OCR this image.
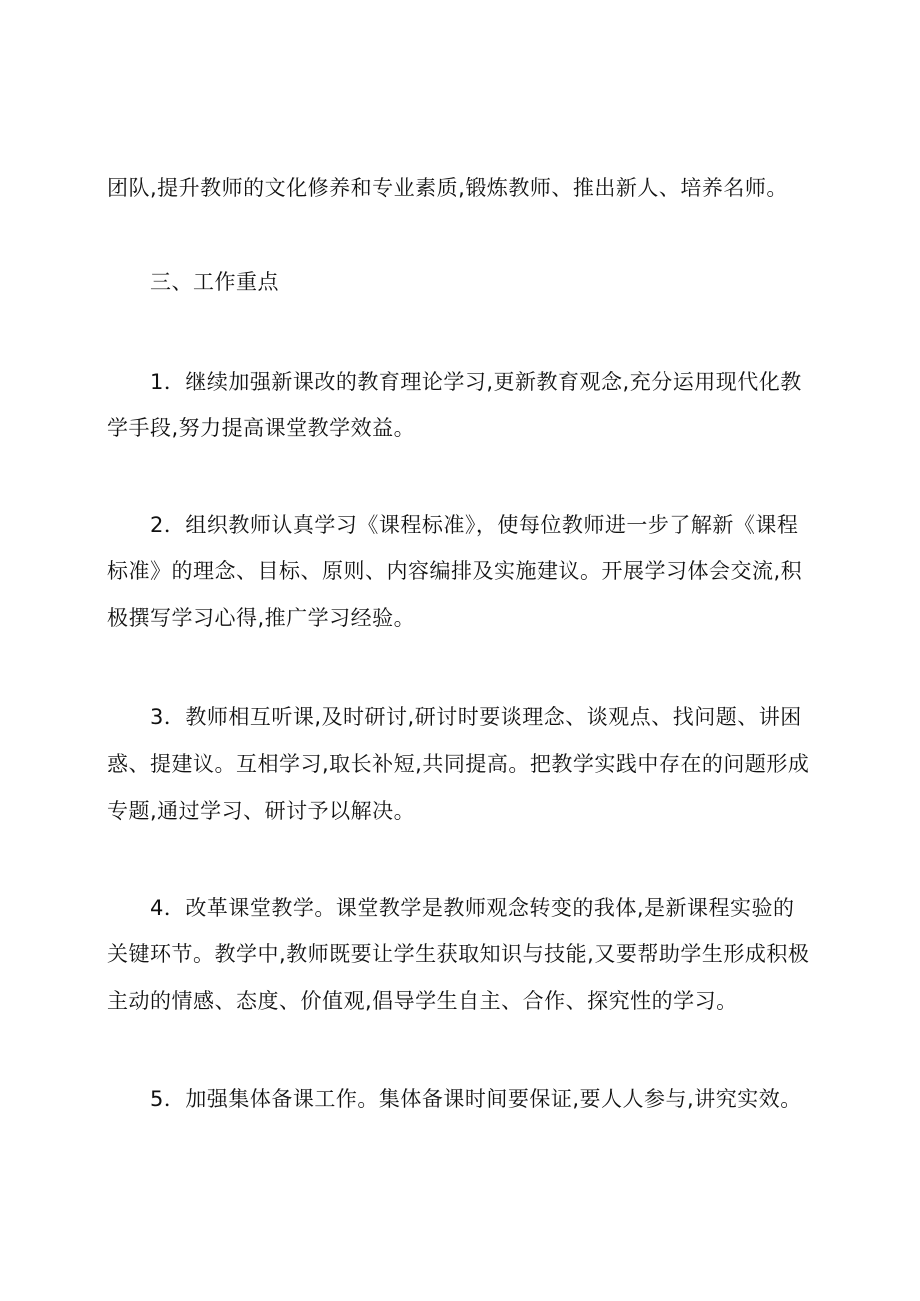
团队,提升教师的文化修养和专业素质,锻炼教师、推出新人、培养名师。
三、工作重点
1．继续加强新课改的教育理论学习,更新教育观念,充分运用现代化教
学手段,努力提高课堂教学效益。
2．组织教师认真学习《课程标准》，使每位教师进一步了解新《课程
标准》的理念、目标、原则、内容编排及实施建议。开展学习体会交流,积
极撰写学习心得,推广学习经验。
3．教师相互听课,及时研讨,研讨时要谈理念、谈观点、找问题、讲困
惑、提建议。互相学习,取长补短,共同提高。把教学实践中存在的问题形成
专题,通过学习、研讨予以解决。
4．改革课堂教学。课堂教学是教师观念转变的我体,是新课程实验的
关键环节。教学中,教师既要让学生获取知识与技能,又要帮助学生形成积极
主动的情感、态度、价值观,倡导学生自主、合作、探究性的学习。
5．加强集体备课工作。集体备课时间要保证,要人人参与,讲究实效。
